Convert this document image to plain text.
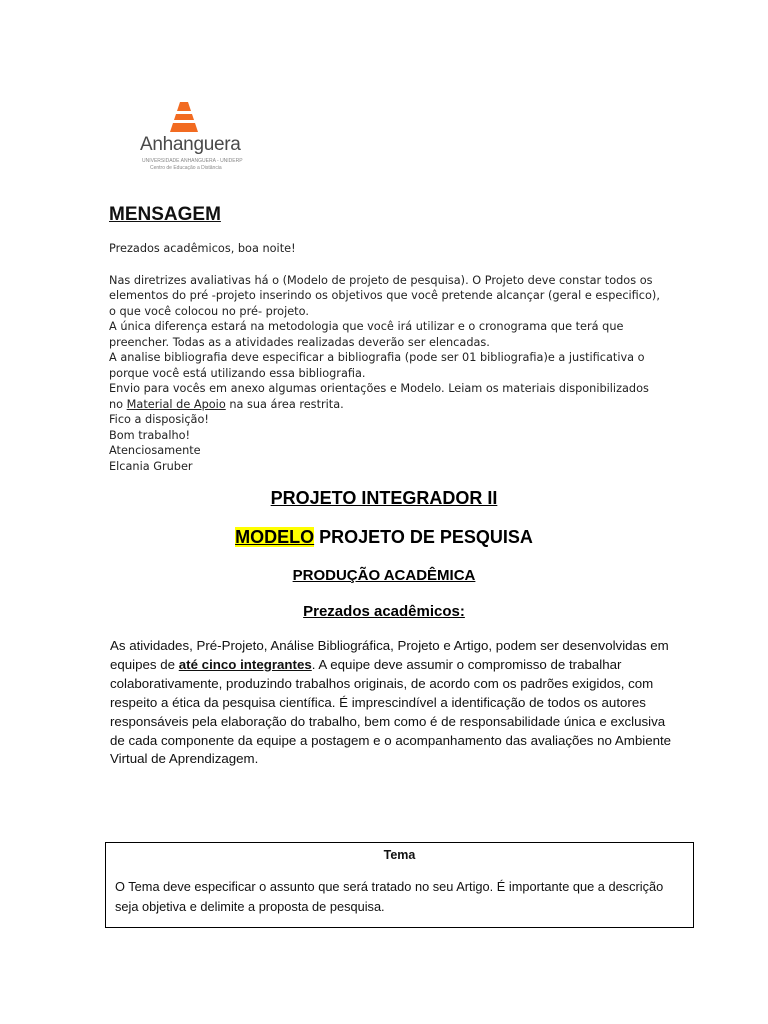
Anhanguera
UNIVERSIDADE ANHANGUERA - UNIDERP
Centro de Educação a Distância
MENSAGEM

Prezados acadêmicos, boa noite!

Nas diretrizes avaliativas há o (Modelo de projeto de pesquisa). O Projeto deve constar todos os

elementos do pré -projeto inserindo os objetivos que você pretende alcançar (geral e especifico),

o que você colocou no pré- projeto.

A única diferença estará na metodologia que você irá utilizar e o cronograma que terá que

preencher. Todas as a atividades realizadas deverão ser elencadas.

A analise bibliografia deve especificar a bibliografia (pode ser 01 bibliografia)e a justificativa o

porque você está utilizando essa bibliografia.

Envio para vocês em anexo algumas orientações e Modelo. Leiam os materiais disponibilizados

no Material de Apoio na sua área restrita.

Fico a disposição!

Bom trabalho!

Atenciosamente

Elcania Gruber

PROJETO INTEGRADOR II
MODELO PROJETO DE PESQUISA
PRODUÇÃO ACADÊMICA
Prezados acadêmicos:

As atividades, Pré-Projeto, Análise Bibliográfica, Projeto e Artigo, podem ser desenvolvidas em

equipes de até cinco integrantes. A equipe deve assumir o compromisso de trabalhar

colaborativamente, produzindo trabalhos originais, de acordo com os padrões exigidos, com

respeito a ética da pesquisa científica. É imprescindível a identificação de todos os autores

responsáveis pela elaboração do trabalho, bem como é de responsabilidade única e exclusiva

de cada componente da equipe a postagem e o acompanhamento das avaliações no Ambiente

Virtual de Aprendizagem.

Tema

O Tema deve especificar o assunto que será tratado no seu Artigo. É importante que a descrição

seja objetiva e delimite a proposta de pesquisa.
